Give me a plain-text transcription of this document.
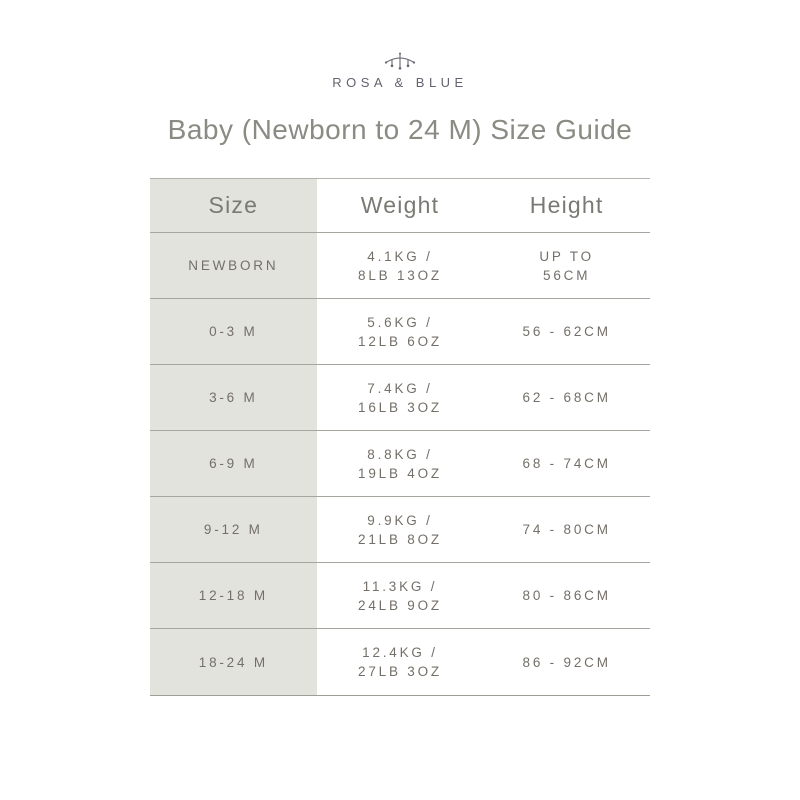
ROSA & BLUE
Baby (Newborn to 24 M) Size Guide
Size	Weight	Height
NEWBORN
4.1KG /
8LB 13OZ
UP TO
56CM
0-3 M
5.6KG /
12LB 6OZ
56 - 62CM
3-6 M
7.4KG /
16LB 3OZ
62 - 68CM
6-9 M
8.8KG /
19LB 4OZ
68 - 74CM
9-12 M
9.9KG /
21LB 8OZ
74 - 80CM
12-18 M
11.3KG /
24LB 9OZ
80 - 86CM
18-24 M
12.4KG /
27LB 3OZ
86 - 92CM
